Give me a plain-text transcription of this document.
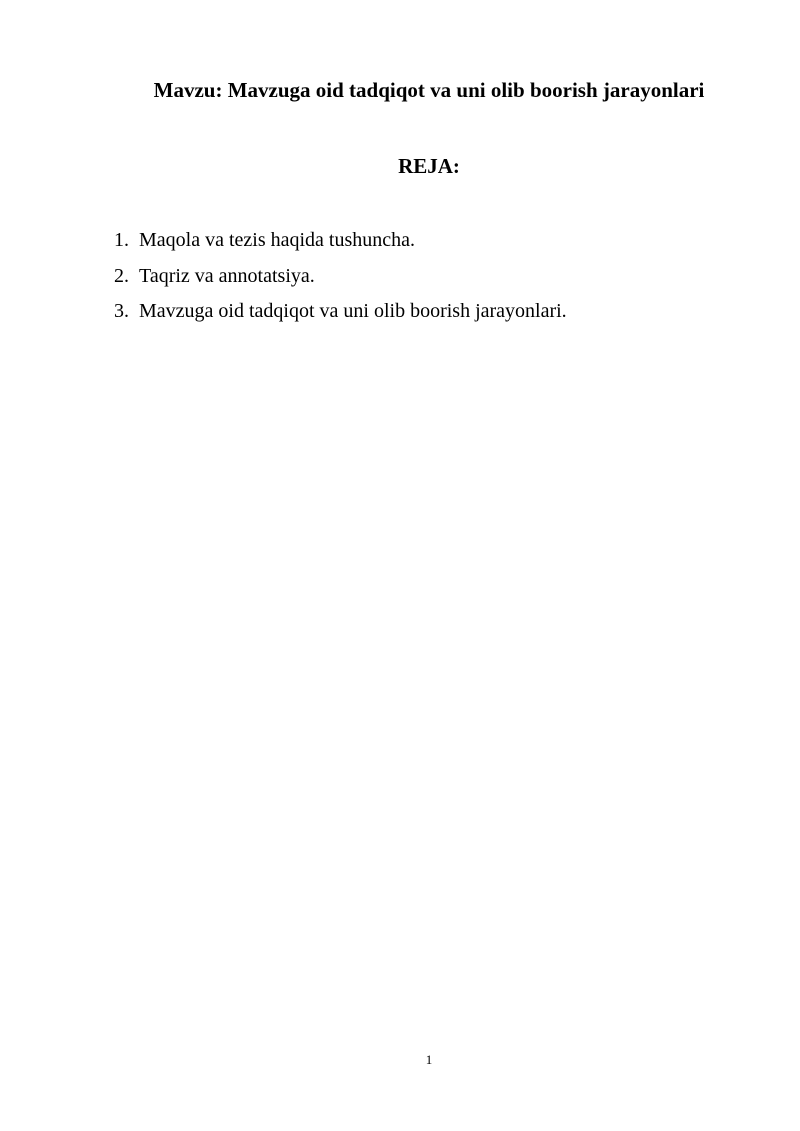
Mavzu: Mavzuga oid tadqiqot va uni olib boorish jarayonlari
REJA:
1. Maqola va tezis haqida tushuncha.
2. Taqriz va annotatsiya.
3. Mavzuga oid tadqiqot va uni olib boorish jarayonlari.
1
